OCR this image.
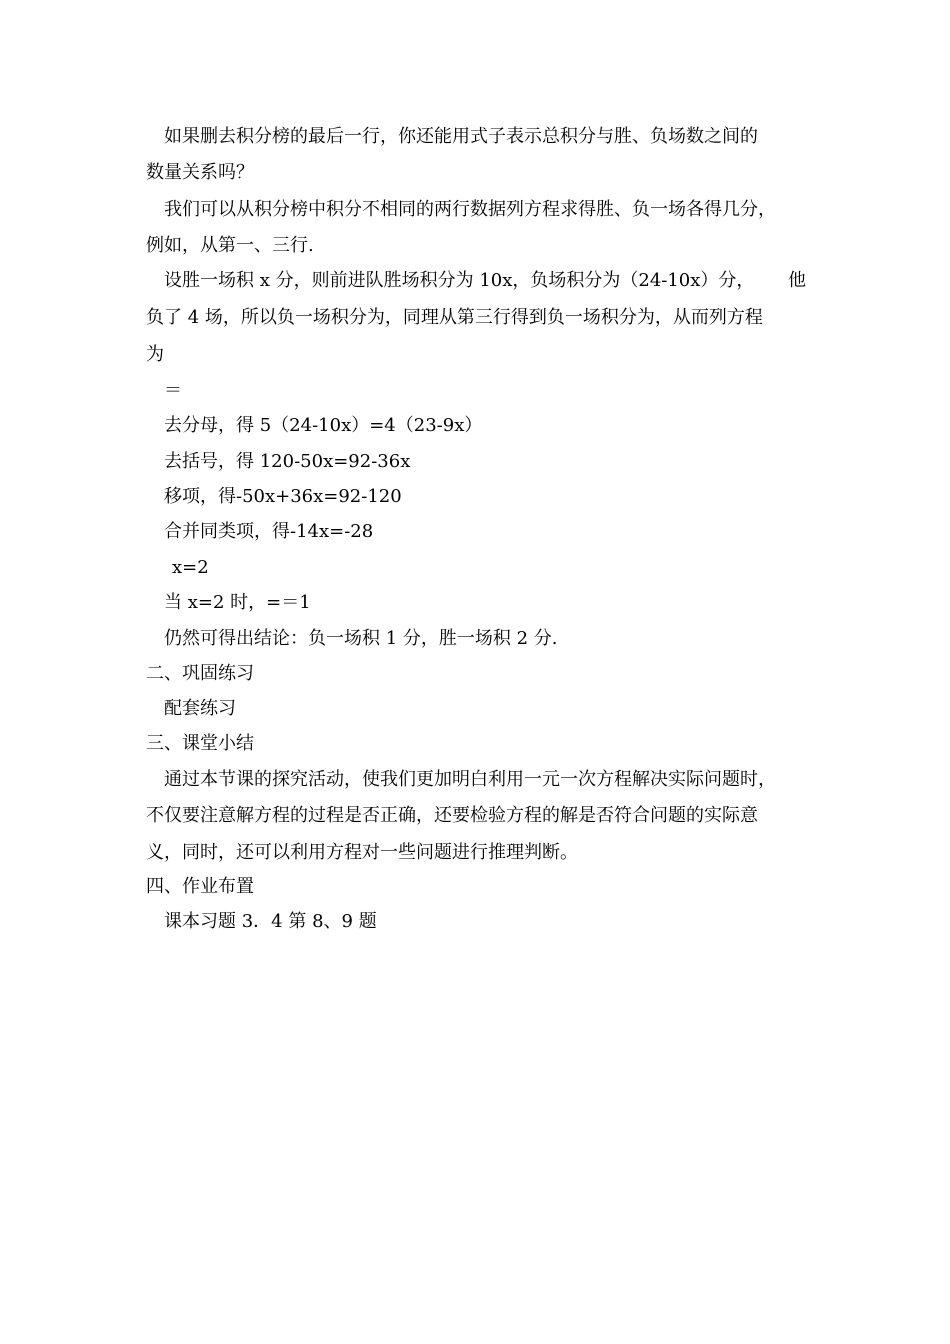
如果删去积分榜的最后一行，你还能用式子表示总积分与胜、负场数之间的
数量关系吗？
我们可以从积分榜中积分不相同的两行数据列方程求得胜、负一场各得几分，
例如，从第一、三行.
设胜一场积 x 分，则前进队胜场积分为 10x，负场积分为（24-10x）分， 他
负了 4 场，所以负一场积分为，同理从第三行得到负一场积分为，从而列方程
为
＝
去分母，得 5（24-10x）=4（23-9x）
去括号，得 120-50x=92-36x
移项，得-50x+36x=92-120
合并同类项，得-14x=-28
x=2
当 x=2 时，=＝1
仍然可得出结论：负一场积 1 分，胜一场积 2 分.
二、巩固练习
配套练习
三、课堂小结
通过本节课的探究活动，使我们更加明白利用一元一次方程解决实际问题时，
不仅要注意解方程的过程是否正确，还要检验方程的解是否符合问题的实际意
义，同时，还可以利用方程对一些问题进行推理判断。
四、作业布置
课本习题 3．4 第 8、9 题
